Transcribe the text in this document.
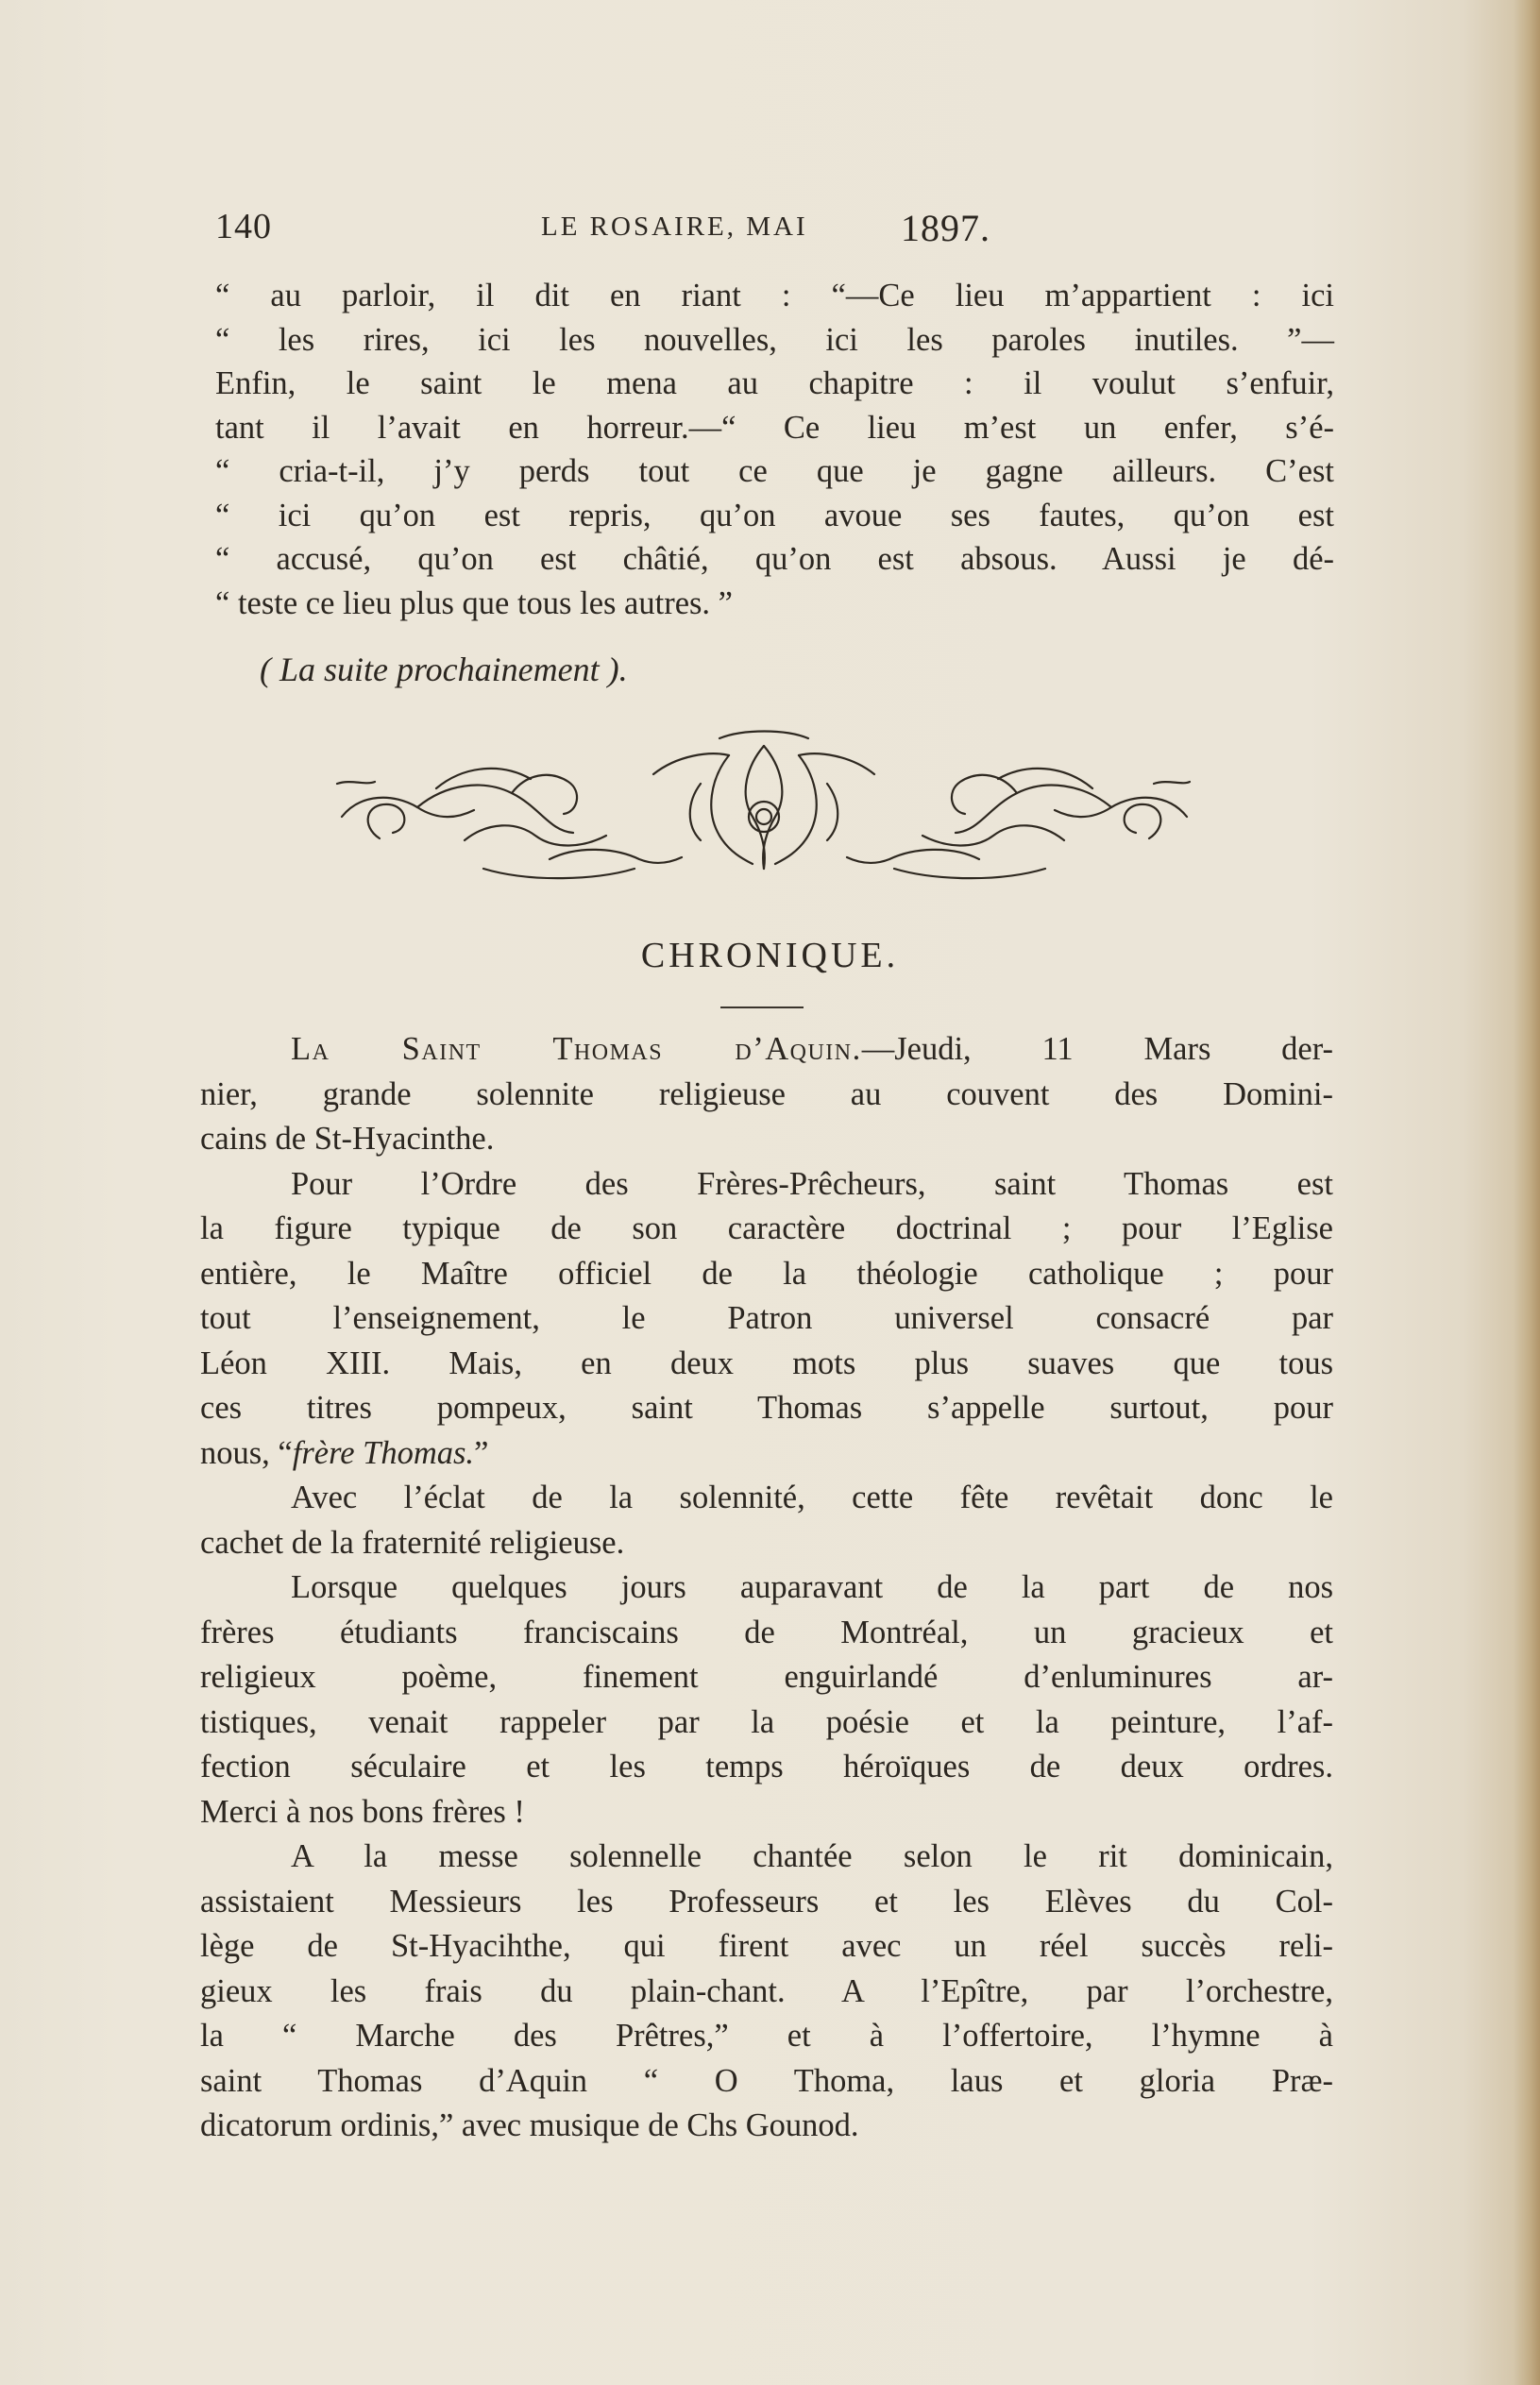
140	LE ROSAIRE, MAI 1897.
“ au parloir, il dit en riant : “—Ce lieu m’appartient : ici
“ les rires, ici les nouvelles, ici les paroles inutiles. ”—
Enfin, le saint le mena au chapitre : il voulut s’enfuir,
tant il l’avait en horreur.—“ Ce lieu m’est un enfer, s’é-
“ cria-t-il, j’y perds tout ce que je gagne ailleurs. C’est
“ ici qu’on est repris, qu’on avoue ses fautes, qu’on est
“ accusé, qu’on est châtié, qu’on est absous. Aussi je dé-
“ teste ce lieu plus que tous les autres. ”
( La suite prochainement ).
CHRONIQUE.
La Saint Thomas d’Aquin.—Jeudi, 11 Mars der-
nier, grande solennite religieuse au couvent des Domini-
cains de St-Hyacinthe.
Pour l’Ordre des Frères-Prêcheurs, saint Thomas est
la figure typique de son caractère doctrinal ; pour l’Eglise
entière, le Maître officiel de la théologie catholique ; pour
tout l’enseignement, le Patron universel consacré par
Léon XIII. Mais, en deux mots plus suaves que tous
ces titres pompeux, saint Thomas s’appelle surtout, pour
nous, “frère Thomas.”
Avec l’éclat de la solennité, cette fête revêtait donc le
cachet de la fraternité religieuse.
Lorsque quelques jours auparavant de la part de nos
frères étudiants franciscains de Montréal, un gracieux et
religieux poème, finement enguirlandé d’enluminures ar-
tistiques, venait rappeler par la poésie et la peinture, l’af-
fection séculaire et les temps héroïques de deux ordres.
Merci à nos bons frères !
A la messe solennelle chantée selon le rit dominicain,
assistaient Messieurs les Professeurs et les Elèves du Col-
lège de St-Hyacihthe, qui firent avec un réel succès reli-
gieux les frais du plain-chant. A l’Epître, par l’orchestre,
la “ Marche des Prêtres,” et à l’offertoire, l’hymne à
saint Thomas d’Aquin “ O Thoma, laus et gloria Præ-
dicatorum ordinis,” avec musique de Chs Gounod.
